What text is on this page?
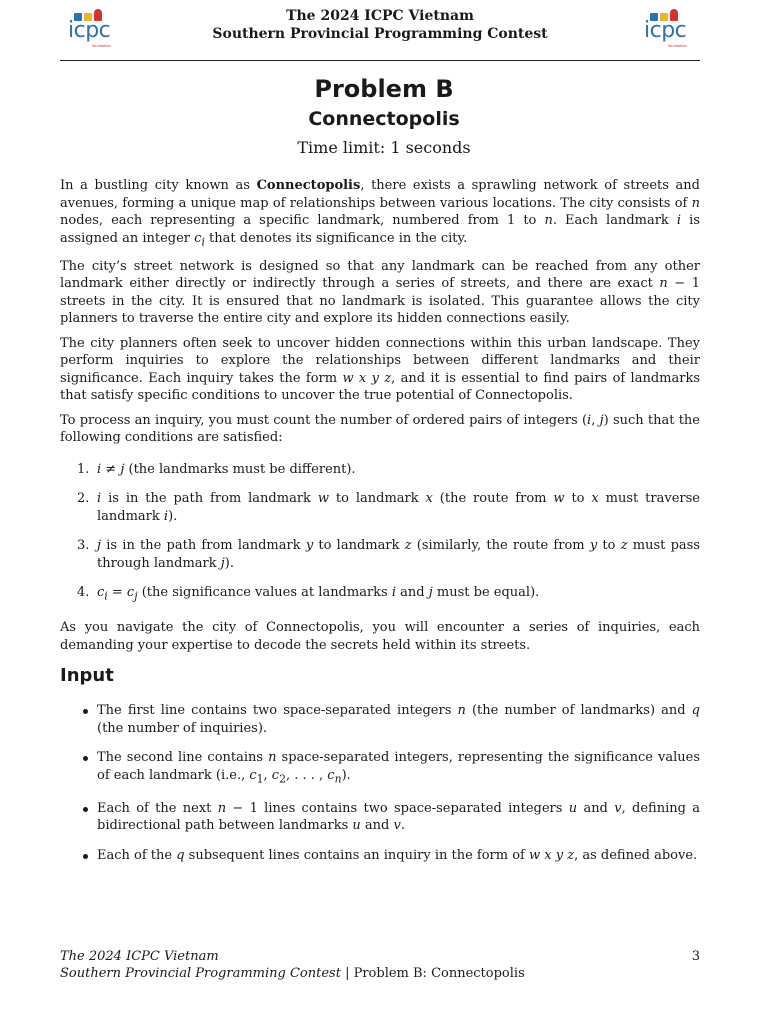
icpc
foundation
The 2024 ICPC Vietnam
Southern Provincial Programming Contest	icpc
foundation
Problem B
Connectopolis
Time limit: 1 seconds

In a bustling city known as Connectopolis, there exists a sprawling network of streets and avenues, forming a unique map of relationships between various locations. The city consists of n nodes, each representing a specific landmark, numbered from 1 to n. Each landmark i is assigned an integer $c_i$ that denotes its significance in the city.

The city’s street network is designed so that any landmark can be reached from any other landmark either directly or indirectly through a series of streets, and there are exact n − 1 streets in the city. It is ensured that no landmark is isolated. This guarantee allows the city planners to traverse the entire city and explore its hidden connections easily.

The city planners often seek to uncover hidden connections within this urban landscape. They perform inquiries to explore the relationships between different landmarks and their significance. Each inquiry takes the form w x y z, and it is essential to find pairs of landmarks that satisfy specific conditions to uncover the true potential of Connectopolis.

To process an inquiry, you must count the number of ordered pairs of integers (i, j) such that the following conditions are satisfied:

1. i ≠ j (the landmarks must be different).
2. i is in the path from landmark w to landmark x (the route from w to x must traverse landmark i).
3. j is in the path from landmark y to landmark z (similarly, the route from y to z must pass through landmark j).
4. $c_i = c_j$ (the significance values at landmarks i and j must be equal).

As you navigate the city of Connectopolis, you will encounter a series of inquiries, each demanding your expertise to decode the secrets held within its streets.

Input
The first line contains two space-separated integers n (the number of landmarks) and q (the number of inquiries).
The second line contains n space-separated integers, representing the significance values of each landmark (i.e., $c_1$, $c_2$, . . . , $c_n$).
Each of the next n − 1 lines contains two space-separated integers u and v, defining a bidirectional path between landmarks u and v.
Each of the q subsequent lines contains an inquiry in the form of w x y z, as defined above.
The 2024 ICPC Vietnam
Southern Provincial Programming Contest | Problem B: Connectopolis
3
